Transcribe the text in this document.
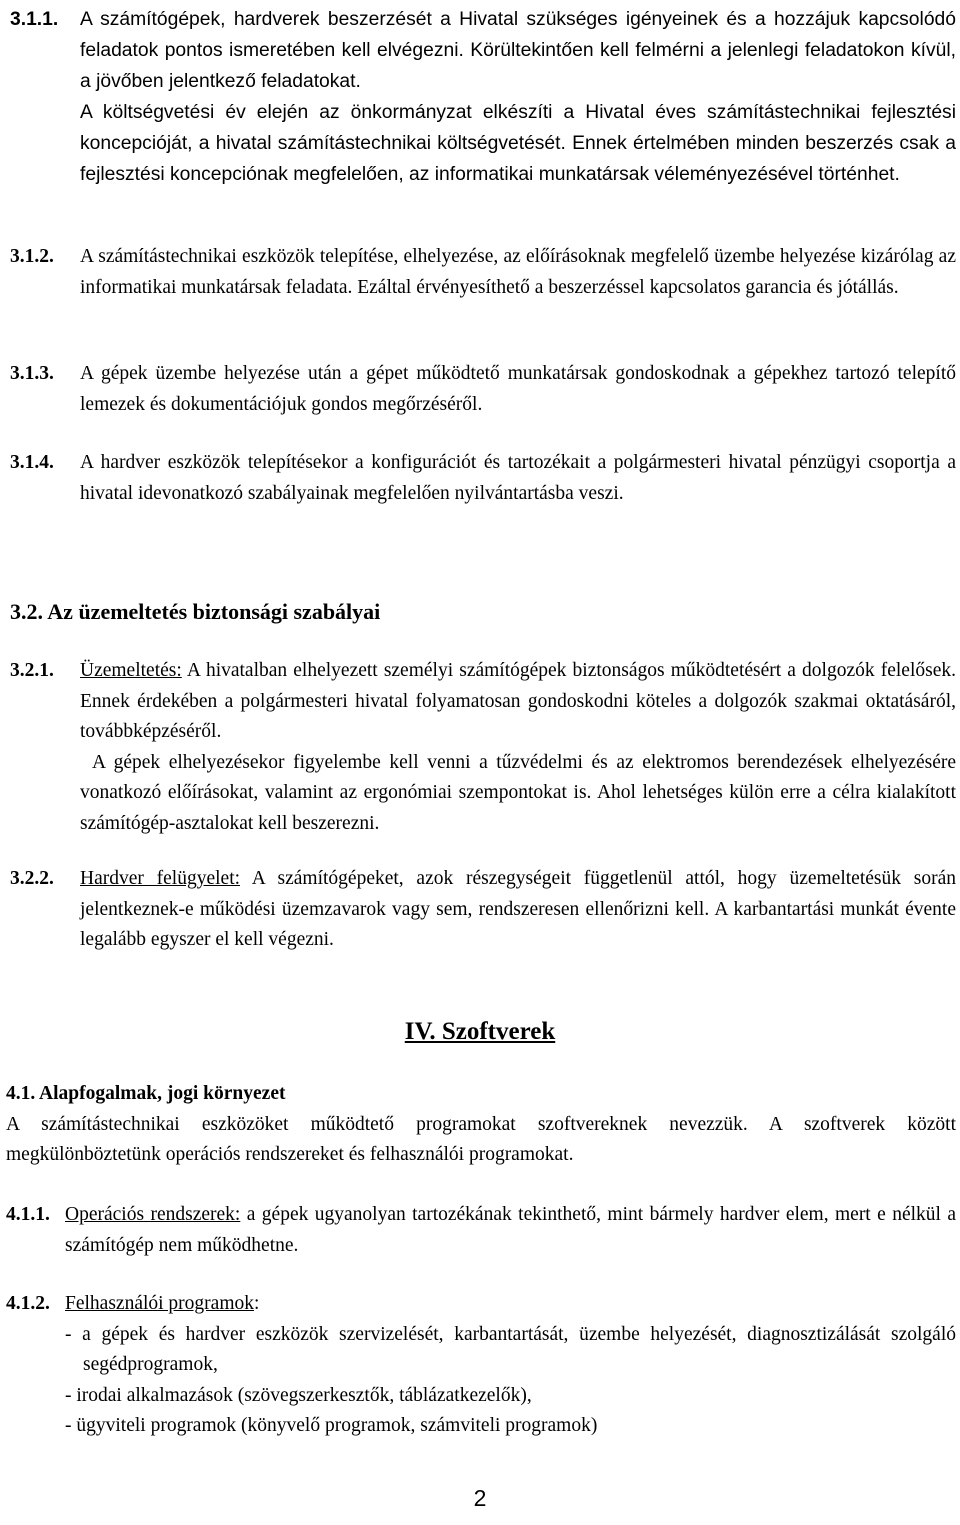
3.1.1. A számítógépek, hardverek beszerzését a Hivatal szükséges igényeinek és a hozzájuk kapcsolódó feladatok pontos ismeretében kell elvégezni. Körültekintően kell felmérni a jelenlegi feladatokon kívül, a jövőben jelentkező feladatokat.
A költségvetési év elején az önkormányzat elkészíti a Hivatal éves számítástechnikai fejlesztési koncepcióját, a hivatal számítástechnikai költségvetését. Ennek értelmében minden beszerzés csak a fejlesztési koncepciónak megfelelően, az informatikai munkatársak véleményezésével történhet.
3.1.2. A számítástechnikai eszközök telepítése, elhelyezése, az előírásoknak megfelelő üzembe helyezése kizárólag az informatikai munkatársak feladata. Ezáltal érvényesíthető a beszerzéssel kapcsolatos garancia és jótállás.
3.1.3. A gépek üzembe helyezése után a gépet működtető munkatársak gondoskodnak a gépekhez tartozó telepítő lemezek és dokumentációjuk gondos megőrzéséről.
3.1.4. A hardver eszközök telepítésekor a konfigurációt és tartozékait a polgármesteri hivatal pénzügyi csoportja a hivatal idevonatkozó szabályainak megfelelően nyilvántartásba veszi.
3.2. Az üzemeltetés biztonsági szabályai
3.2.1. Üzemeltetés: A hivatalban elhelyezett személyi számítógépek biztonságos működtetésért a dolgozók felelősek. Ennek érdekében a polgármesteri hivatal folyamatosan gondoskodni köteles a dolgozók szakmai oktatásáról, továbbképzéséről.
A gépek elhelyezésekor figyelembe kell venni a tűzvédelmi és az elektromos berendezések elhelyezésére vonatkozó előírásokat, valamint az ergonómiai szempontokat is. Ahol lehetséges külön erre a célra kialakított számítógép-asztalokat kell beszerezni.
3.2.2. Hardver felügyelet: A számítógépeket, azok részegységeit függetlenül attól, hogy üzemeltetésük során jelentkeznek-e működési üzemzavarok vagy sem, rendszeresen ellenőrizni kell. A karbantartási munkát évente legalább egyszer el kell végezni.
IV. Szoftverek
4.1. Alapfogalmak, jogi környezet
A számítástechnikai eszközöket működtető programokat szoftvereknek nevezzük. A szoftverek között megkülönböztetünk operációs rendszereket és felhasználói programokat.
4.1.1. Operációs rendszerek: a gépek ugyanolyan tartozékának tekinthető, mint bármely hardver elem, mert e nélkül a számítógép nem működhetne.
4.1.2. Felhasználói programok:
- a gépek és hardver eszközök szervizelését, karbantartását, üzembe helyezését, diagnosztizálását szolgáló segédprogramok,
- irodai alkalmazások (szövegszerkesztők, táblázatkezelők),
- ügyviteli programok (könyvelő programok, számviteli programok)
2
